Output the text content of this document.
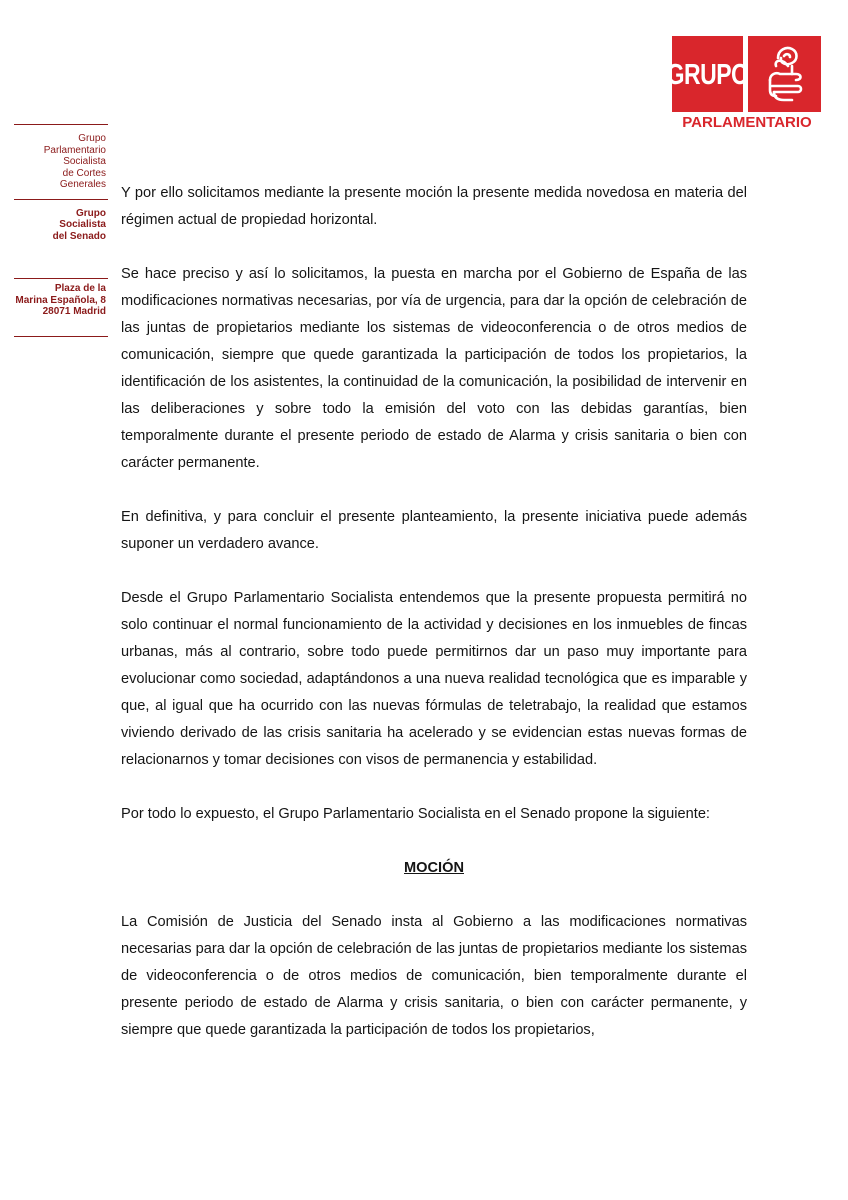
GRUPO
PARLAMENTARIO
Grupo
Parlamentario
Socialista
de Cortes
Generales
Grupo
Socialista
del Senado
Plaza de la
Marina Española, 8
28071 Madrid

Y por ello solicitamos mediante la presente moción la presente medida novedosa en materia del régimen actual de propiedad horizontal.

Se hace preciso y así lo solicitamos, la puesta en marcha por el Gobierno de España de las modificaciones normativas necesarias, por vía de urgencia, para dar la opción de celebración de las juntas de propietarios mediante los sistemas de videoconferencia o de otros medios de comunicación, siempre que quede garantizada la participación de todos los propietarios, la identificación de los asistentes, la continuidad de la comunicación, la posibilidad de intervenir en las deliberaciones y sobre todo la emisión del voto con las debidas garantías, bien temporalmente durante el presente periodo de estado de Alarma y crisis sanitaria o bien con carácter permanente.

En definitiva, y para concluir el presente planteamiento, la presente iniciativa puede además suponer un verdadero avance.

Desde el Grupo Parlamentario Socialista entendemos que la presente propuesta permitirá no solo continuar el normal funcionamiento de la actividad y decisiones en los inmuebles de fincas urbanas, más al contrario, sobre todo puede permitirnos dar un paso muy importante para evolucionar como sociedad, adaptándonos a una nueva realidad tecnológica que es imparable y que, al igual que ha ocurrido con las nuevas fórmulas de teletrabajo, la realidad que estamos viviendo derivado de las crisis sanitaria ha acelerado y se evidencian estas nuevas formas de relacionarnos y tomar decisiones con visos de permanencia y estabilidad.

Por todo lo expuesto, el Grupo Parlamentario Socialista en el Senado propone la siguiente:

MOCIÓN

La Comisión de Justicia del Senado insta al Gobierno a las modificaciones normativas necesarias para dar la opción de celebración de las juntas de propietarios mediante los sistemas de videoconferencia o de otros medios de comunicación, bien temporalmente durante el presente periodo de estado de Alarma y crisis sanitaria, o bien con carácter permanente, y siempre que quede garantizada la participación de todos los propietarios,
